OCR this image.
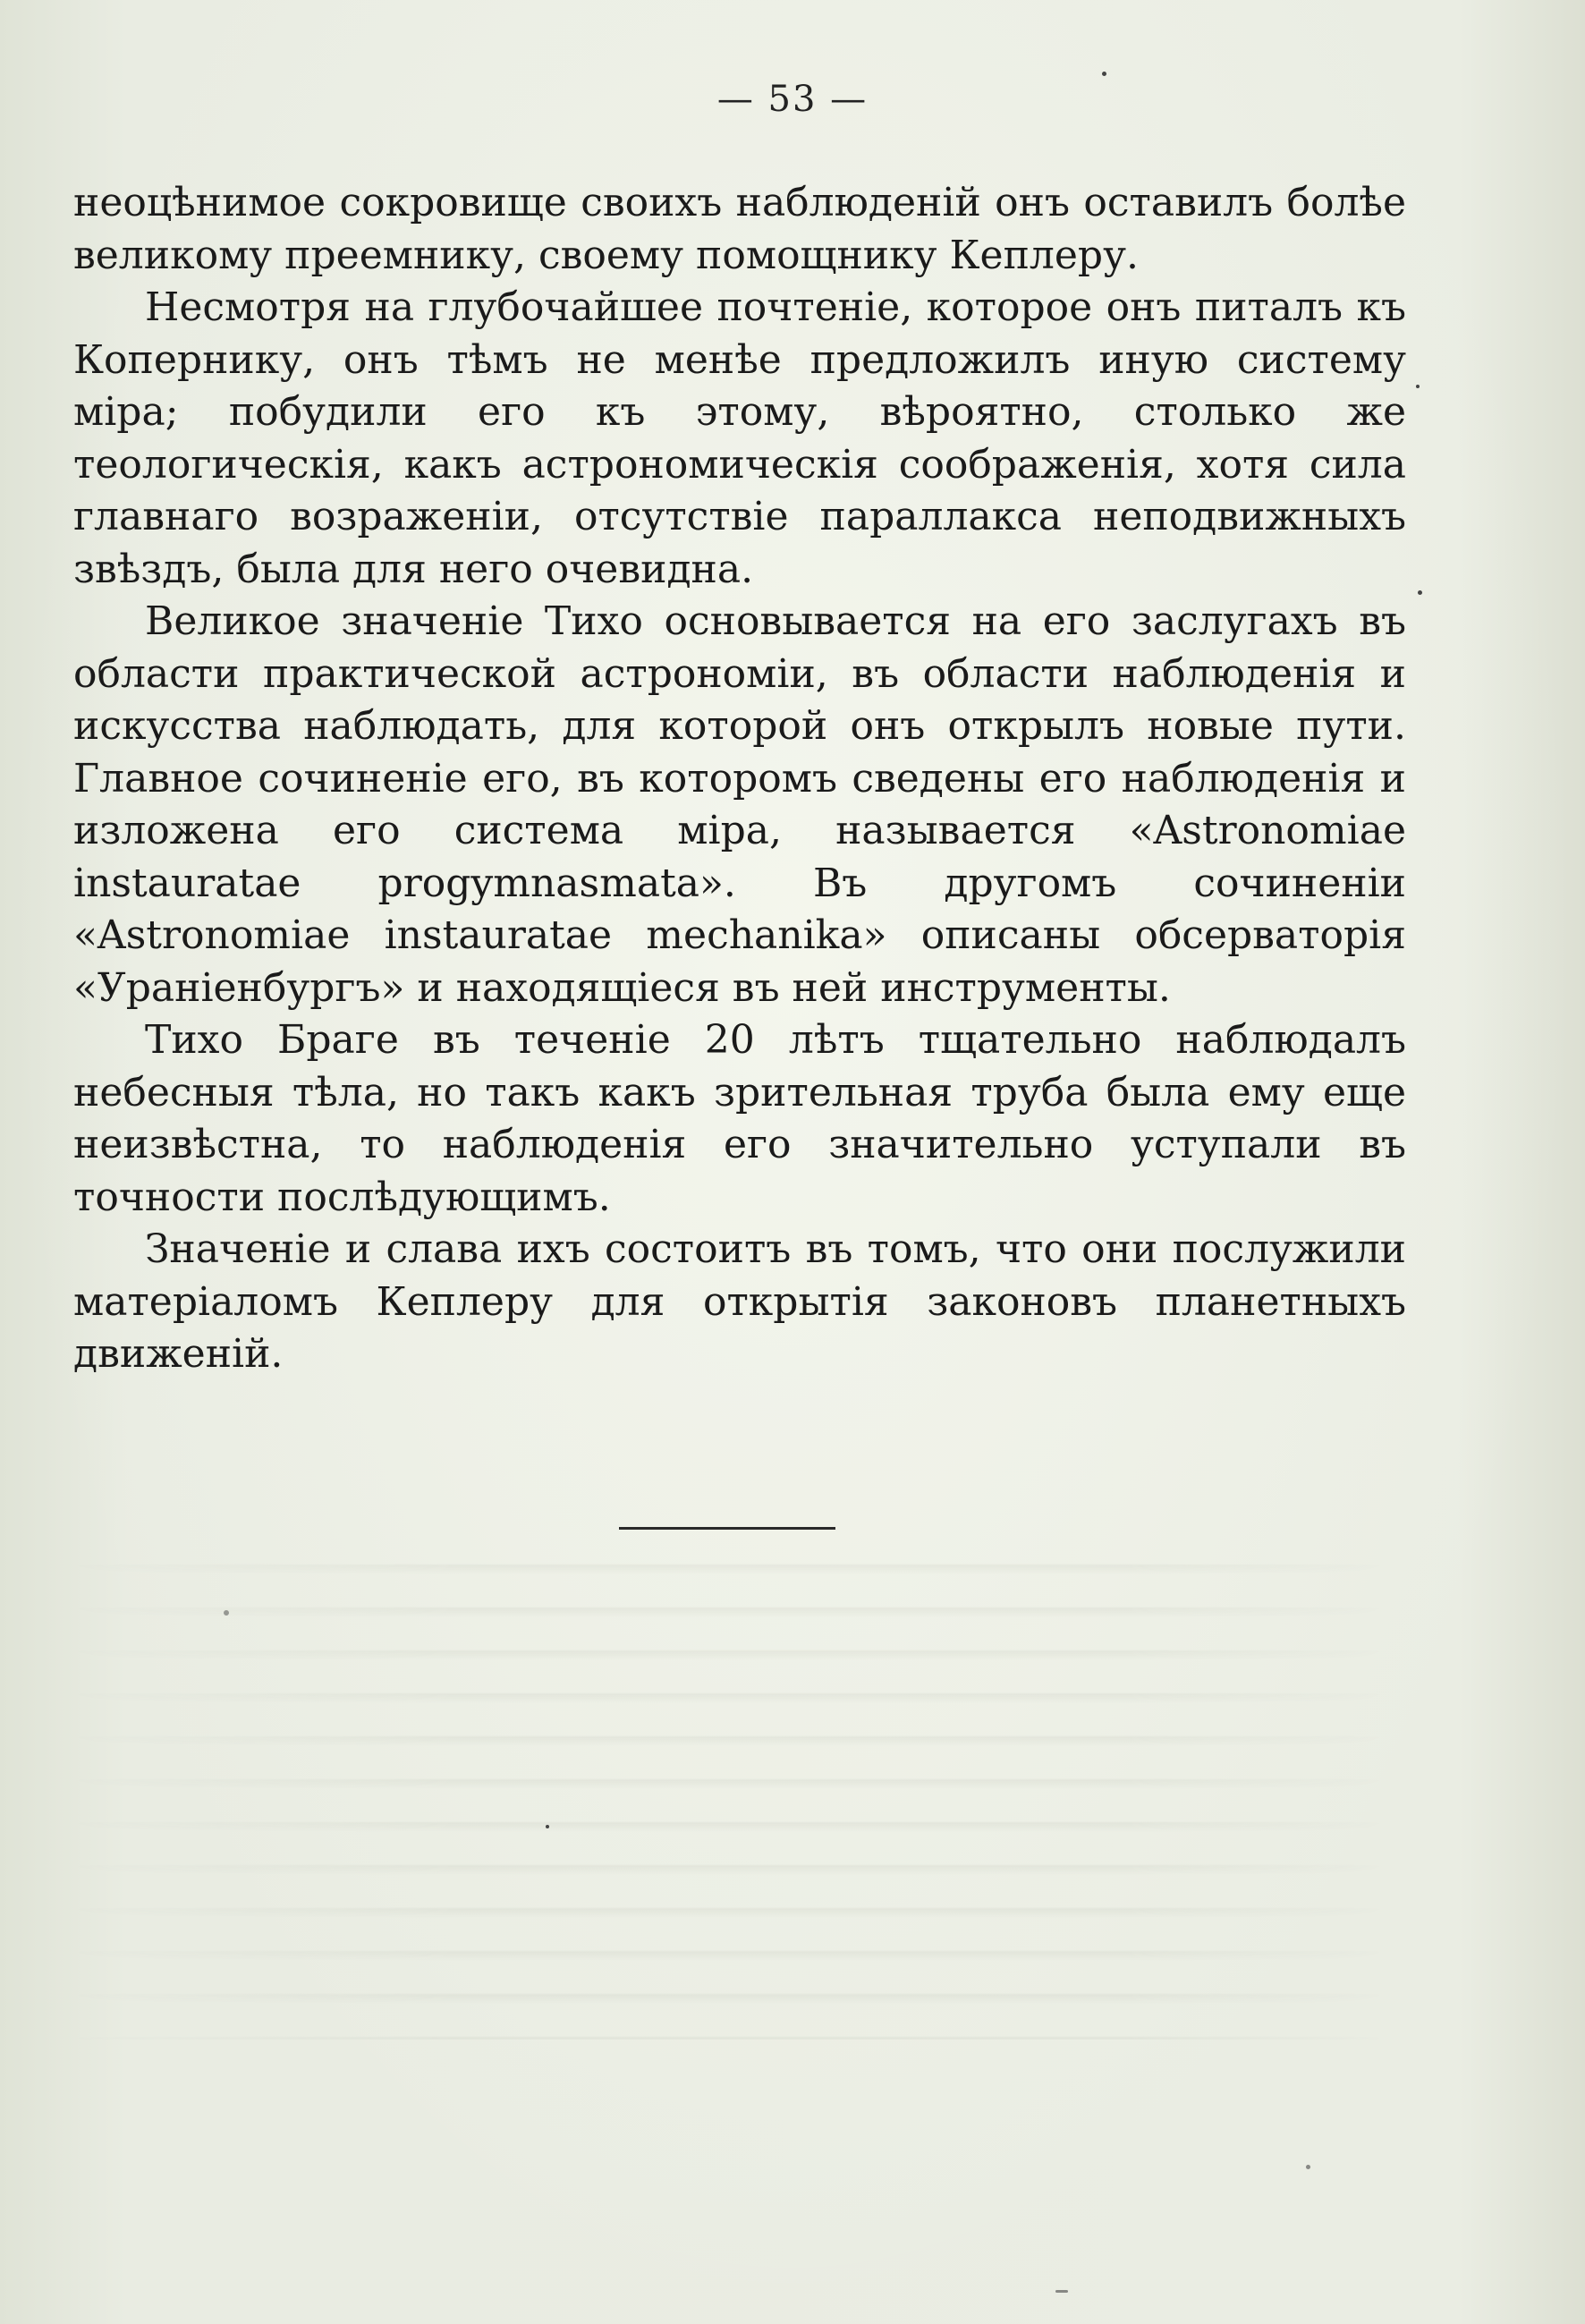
— 53 —

неоцѣнимое сокровище своихъ наблюденій онъ оставилъ болѣе великому преемнику, своему помощнику Кеплеру.

Несмотря на глубочайшее почтеніе, которое онъ питалъ къ Копернику, онъ тѣмъ не менѣе предложилъ иную систему міра; побудили его къ этому, вѣроятно, столько же теологическія, какъ астрономическія соображенія, хотя сила главнаго возраженіи, отсутствіе параллакса неподвижныхъ звѣздъ, была для него очевидна.

Великое значеніе Тихо основывается на его заслугахъ въ области практической астрономіи, въ области наблюденія и искусства наблюдать, для которой онъ открылъ новые пути. Главное сочиненіе его, въ которомъ сведены его наблюденія и изложена его система міра, называется «Astronomiae instauratae progymnasmata». Въ другомъ сочиненіи «Astronomiae instauratae mechanika» описаны обсерваторія «Ураніенбургъ» и находящіеся въ ней инструменты.

Тихо Браге въ теченіе 20 лѣтъ тщательно наблюдалъ небесныя тѣла, но такъ какъ зрительная труба была ему еще неизвѣстна, то наблюденія его значительно уступали въ точности послѣдующимъ.

Значеніе и слава ихъ состоитъ въ томъ, что они послужили матеріаломъ Кеплеру для открытія законовъ планетныхъ движеній.
